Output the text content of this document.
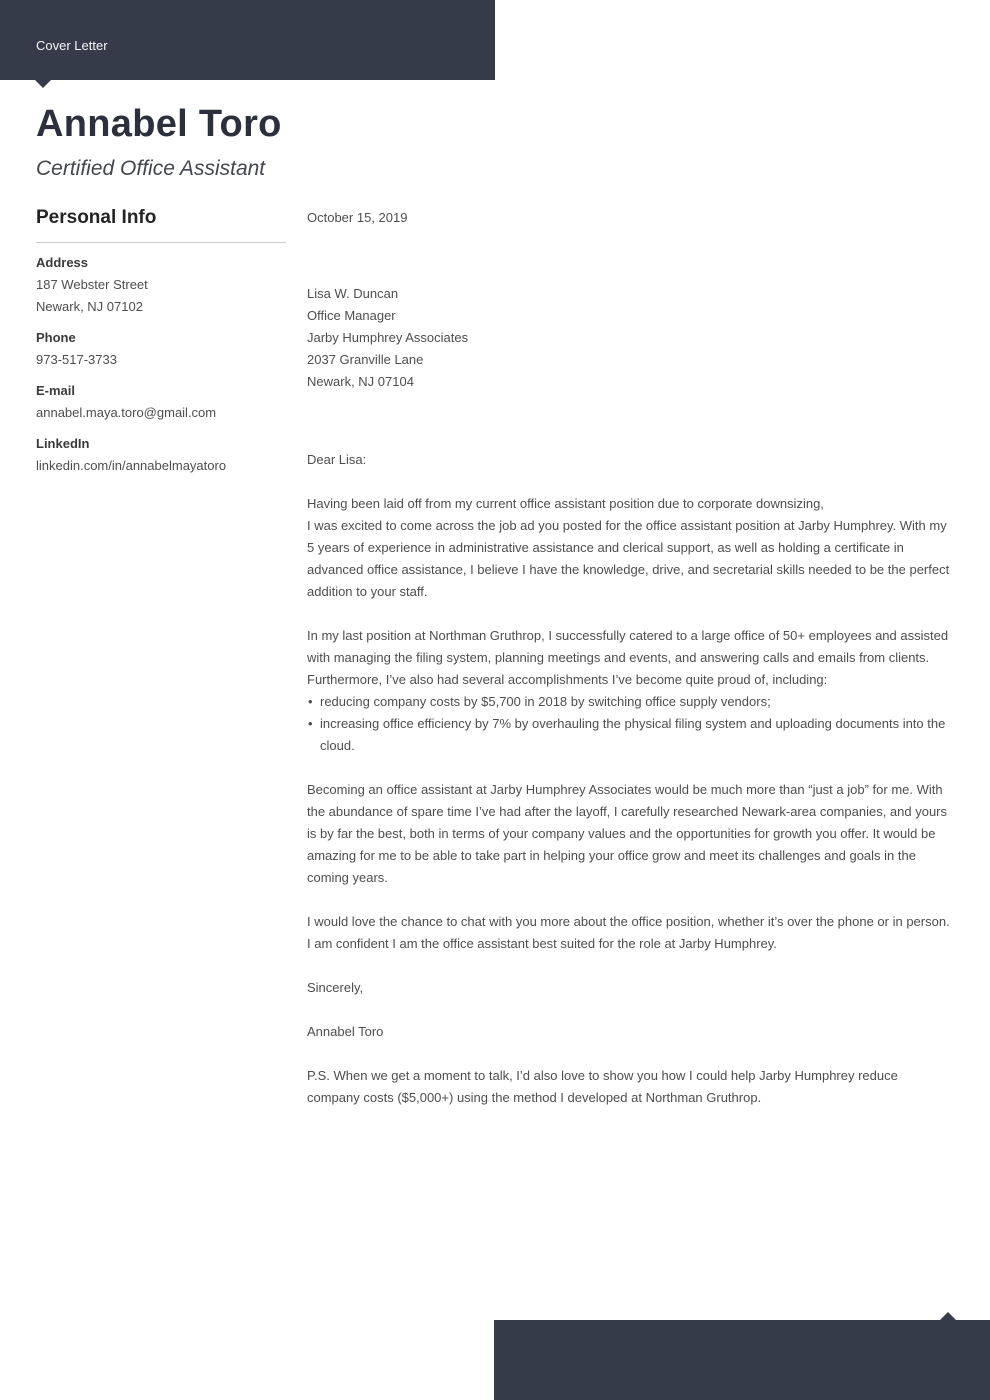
Cover Letter
Annabel Toro
Certified Office Assistant
Personal Info
Address
187 Webster Street
Newark, NJ 07102
Phone
973-517-3733
E-mail
annabel.maya.toro@gmail.com
LinkedIn
linkedin.com/in/annabelmayatoro
October 15, 2019
Lisa W. Duncan
Office Manager
Jarby Humphrey Associates
2037 Granville Lane
Newark, NJ 07104
Dear Lisa:

Having been laid off from my current office assistant position due to corporate downsizing,
I was excited to come across the job ad you posted for the office assistant position at Jarby Humphrey. With my 5 years of experience in administrative assistance and clerical support, as well as holding a certificate in advanced office assistance, I believe I have the knowledge, drive, and secretarial skills needed to be the perfect addition to your staff.

In my last position at Northman Gruthrop, I successfully catered to a large office of 50+ employees and assisted with managing the filing system, planning meetings and events, and answering calls and emails from clients. Furthermore, I’ve also had several accomplishments I’ve become quite proud of, including:

• reducing company costs by $5,700 in 2018 by switching office supply vendors;
• increasing office efficiency by 7% by overhauling the physical filing system and uploading documents into the cloud.

Becoming an office assistant at Jarby Humphrey Associates would be much more than “just a job” for me. With the abundance of spare time I’ve had after the layoff, I carefully researched Newark-area companies, and yours is by far the best, both in terms of your company values and the opportunities for growth you offer. It would be amazing for me to be able to take part in helping your office grow and meet its challenges and goals in the coming years.

I would love the chance to chat with you more about the office position, whether it’s over the phone or in person. I am confident I am the office assistant best suited for the role at Jarby Humphrey.

Sincerely,

Annabel Toro

P.S. When we get a moment to talk, I’d also love to show you how I could help Jarby Humphrey reduce company costs ($5,000+) using the method I developed at Northman Gruthrop.
